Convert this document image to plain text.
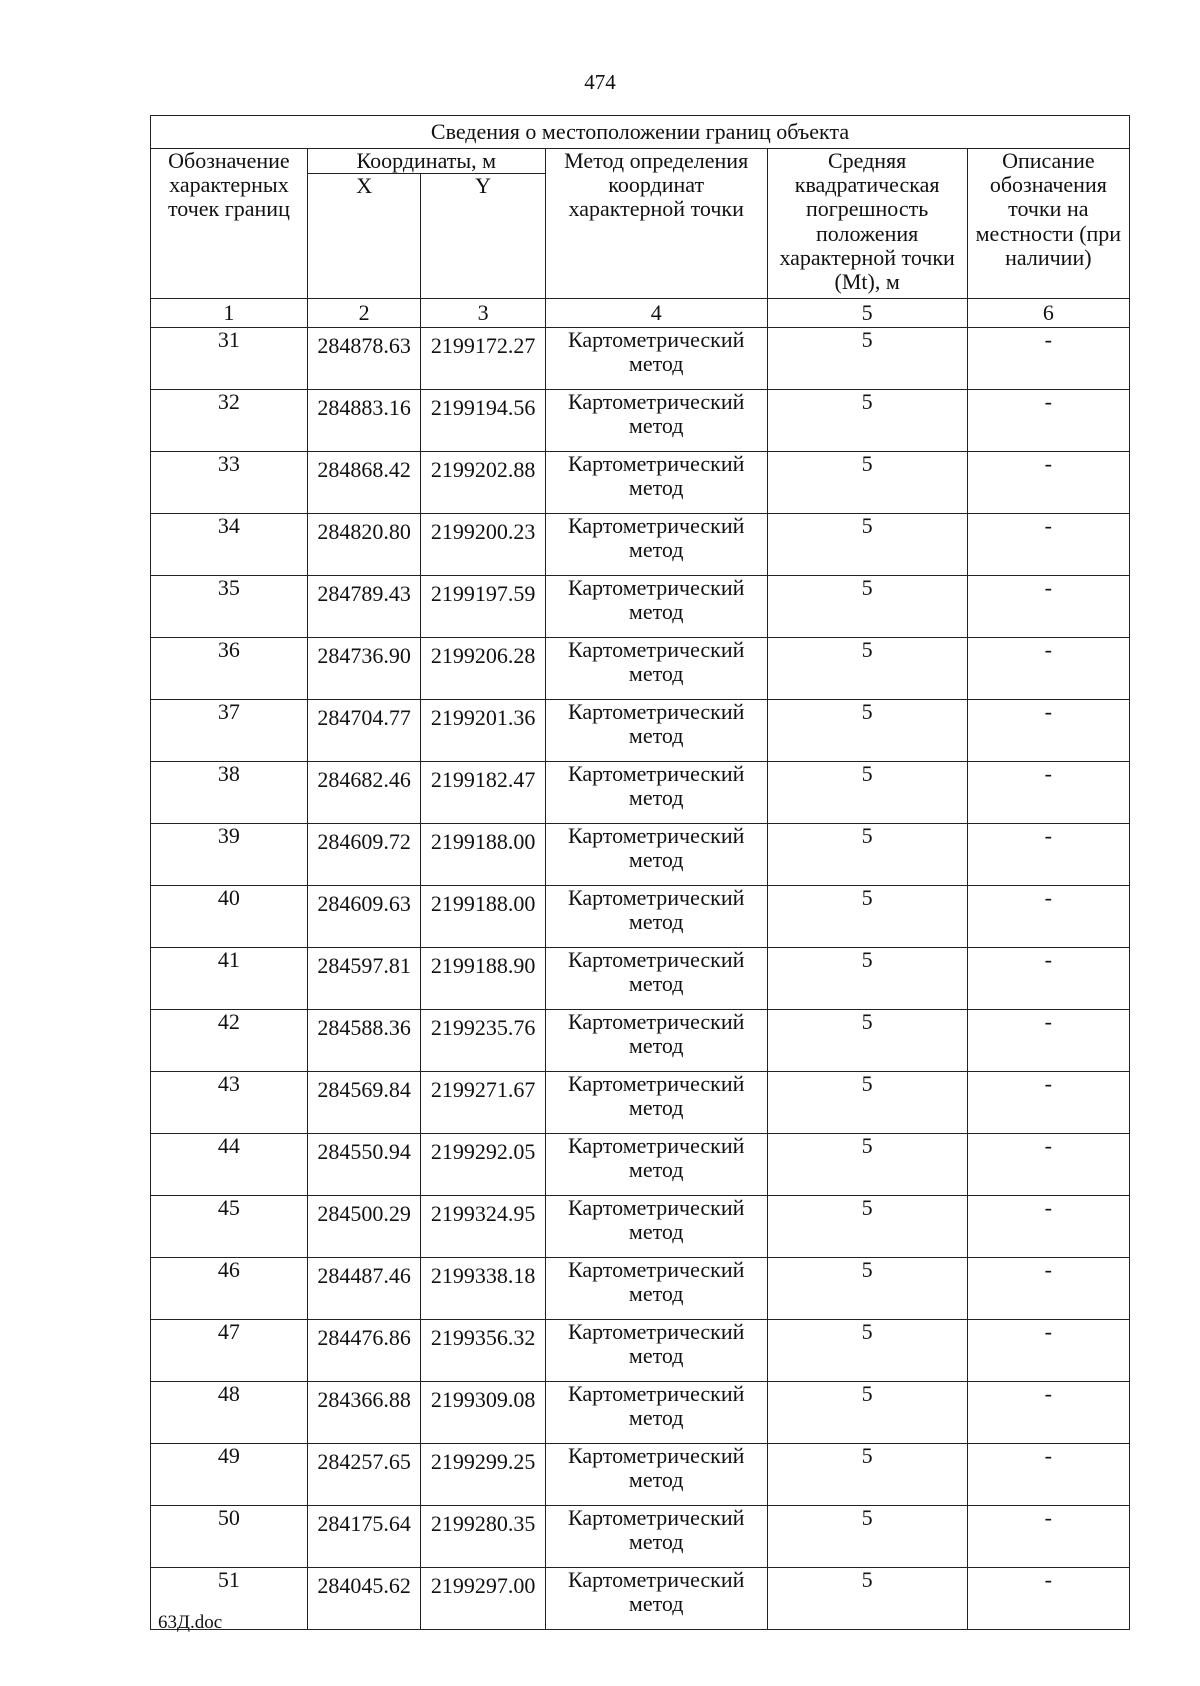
474
Сведения о местоположении границ объекта					
Обозначение характерных точек границ	Координаты, м		Метод определения координат характерной точки	Средняя квадратическая погрешность положения характерной точки (Mt), м	Описание обозначения точки на местности (при наличии)
	X	Y			
1	2	3	4	5	6
31	284878.63	2199172.27	Картометрический
метод	5	-
32	284883.16	2199194.56	Картометрический
метод	5	-
33	284868.42	2199202.88	Картометрический
метод	5	-
34	284820.80	2199200.23	Картометрический
метод	5	-
35	284789.43	2199197.59	Картометрический
метод	5	-
36	284736.90	2199206.28	Картометрический
метод	5	-
37	284704.77	2199201.36	Картометрический
метод	5	-
38	284682.46	2199182.47	Картометрический
метод	5	-
39	284609.72	2199188.00	Картометрический
метод	5	-
40	284609.63	2199188.00	Картометрический
метод	5	-
41	284597.81	2199188.90	Картометрический
метод	5	-
42	284588.36	2199235.76	Картометрический
метод	5	-
43	284569.84	2199271.67	Картометрический
метод	5	-
44	284550.94	2199292.05	Картометрический
метод	5	-
45	284500.29	2199324.95	Картометрический
метод	5	-
46	284487.46	2199338.18	Картометрический
метод	5	-
47	284476.86	2199356.32	Картометрический
метод	5	-
48	284366.88	2199309.08	Картометрический
метод	5	-
49	284257.65	2199299.25	Картометрический
метод	5	-
50	284175.64	2199280.35	Картометрический
метод	5	-
51	284045.62	2199297.00	Картометрический
метод	5	-
63Д.doc
